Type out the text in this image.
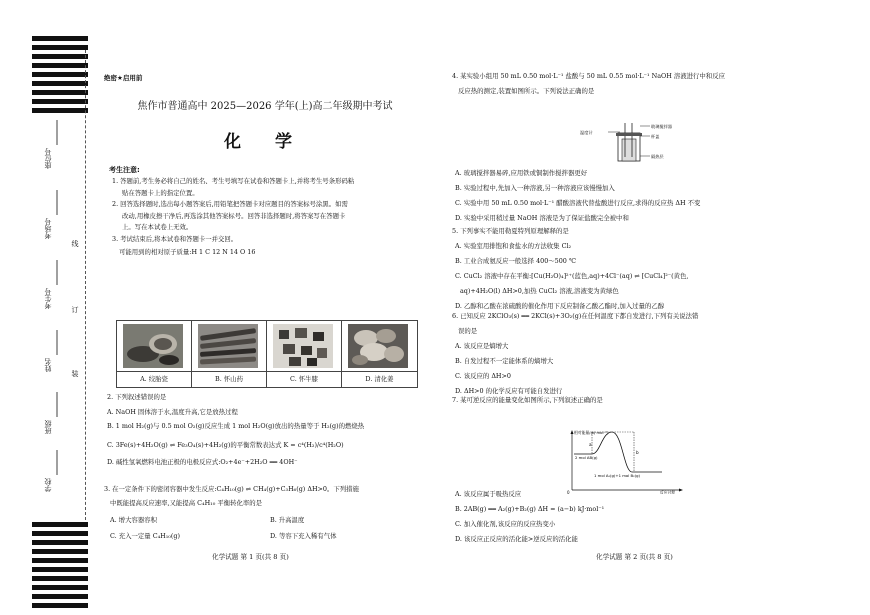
座位号
考场号
考生号
姓名
班级
学校
线
订
装
绝密★启用前
焦作市普通高中 2025—2026 学年(上)高二年级期中考试
化 学
考生注意:

1. 答题前,考生务必将自己的姓名、考生号填写在试卷和答题卡上,并将考生号条形码粘

贴在答题卡上的指定位置。

2. 回答选择题时,选出每小题答案后,用铅笔把答题卡对应题目的答案标号涂黑。如需

改动,用橡皮擦干净后,再选涂其他答案标号。回答非选择题时,将答案写在答题卡

上。写在本试卷上无效。

3. 考试结束后,将本试卷和答题卡一并交回。

可能用到的相对原子质量:H 1 C 12 N 14 O 16
A. 绞胎瓷	B. 怀山药	C. 怀牛膝	D. 清化姜

2. 下列叙述错误的是

A. NaOH 固体溶于水,温度升高,它是放热过程

B. 1 mol H₂(g)与 0.5 mol O₂(g)反应生成 1 mol H₂O(g)放出的热量等于 H₂(g)的燃烧热

C. 3Fe(s)+4H₂O(g) ⇌ Fe₃O₄(s)+4H₂(g)的平衡常数表达式 K = c⁴(H₂)/c⁴(H₂O)

D. 碱性氢氧燃料电池正极的电极反应式:O₂+4e⁻+2H₂O ══ 4OH⁻

3. 在一定条件下的密闭容器中发生反应:C₄H₁₀(g) ⇌ CH₄(g)+C₃H₆(g) ΔH>0。下列措施

中既能提高反应速率,又能提高 C₄H₁₀ 平衡转化率的是

A. 增大容器容积	B. 升高温度
C. 充入一定量 C₄H₁₀(g)	D. 等容下充入稀有气体

4. 某实验小组用 50 mL 0.50 mol·L⁻¹ 盐酸与 50 mL 0.55 mol·L⁻¹ NaOH 溶液进行中和反应

反应热的测定,装置如图所示。下列说法正确的是

玻璃搅拌器
杯盖
隔热层
温度计

A. 玻璃搅拌器易碎,应用铁或铜制作搅拌器更好

B. 实验过程中,先加入一种溶液,另一种溶液应该慢慢加入

C. 实验中用 50 mL 0.50 mol·L⁻¹ 醋酸溶液代替盐酸进行反应,求得的反应热 ΔH 不变

D. 实验中采用稍过量 NaOH 溶液是为了保证盐酸完全被中和

5. 下列事实不能用勒夏特列原理解释的是

A. 实验室用排饱和食盐水的方法收集 Cl₂

B. 工业合成氨反应一般选择 400～500 ℃

C. CuCl₂ 溶液中存在平衡:[Cu(H₂O)₄]²⁺(蓝色,aq)+4Cl⁻(aq) ⇌ [CuCl₄]²⁻(黄色,

aq)+4H₂O(l) ΔH>0,加热 CuCl₂ 溶液,溶液变为黄绿色

D. 乙醇和乙酸在浓硫酸的催化作用下反应制备乙酸乙酯时,加入过量的乙醇

6. 已知反应 2KClO₃(s) ══ 2KCl(s)+3O₂(g)在任何温度下都自发进行,下列有关说法错

误的是

A. 该反应是熵增大

B. 自发过程不一定能体系的熵增大

C. 该反应的 ΔH>0

D. ΔH>0 的化学反应有可能自发进行

7. 某可逆反应的能量变化如图所示,下列叙述正确的是

相对能量/(kJ·mol⁻¹)
反应过程
0
a
b
2 mol AB(g)
1 mol A₂(g)+1 mol B₂(g)

A. 该反应属于吸热反应

B. 2AB(g) ══ A₂(g)+B₂(g) ΔH = (a−b) kJ·mol⁻¹

C. 加入催化剂,该反应的反应热变小

D. 该反应正反应的活化能>逆反应的活化能

化学试题 第 1 页(共 8 页)	化学试题 第 2 页(共 8 页)
